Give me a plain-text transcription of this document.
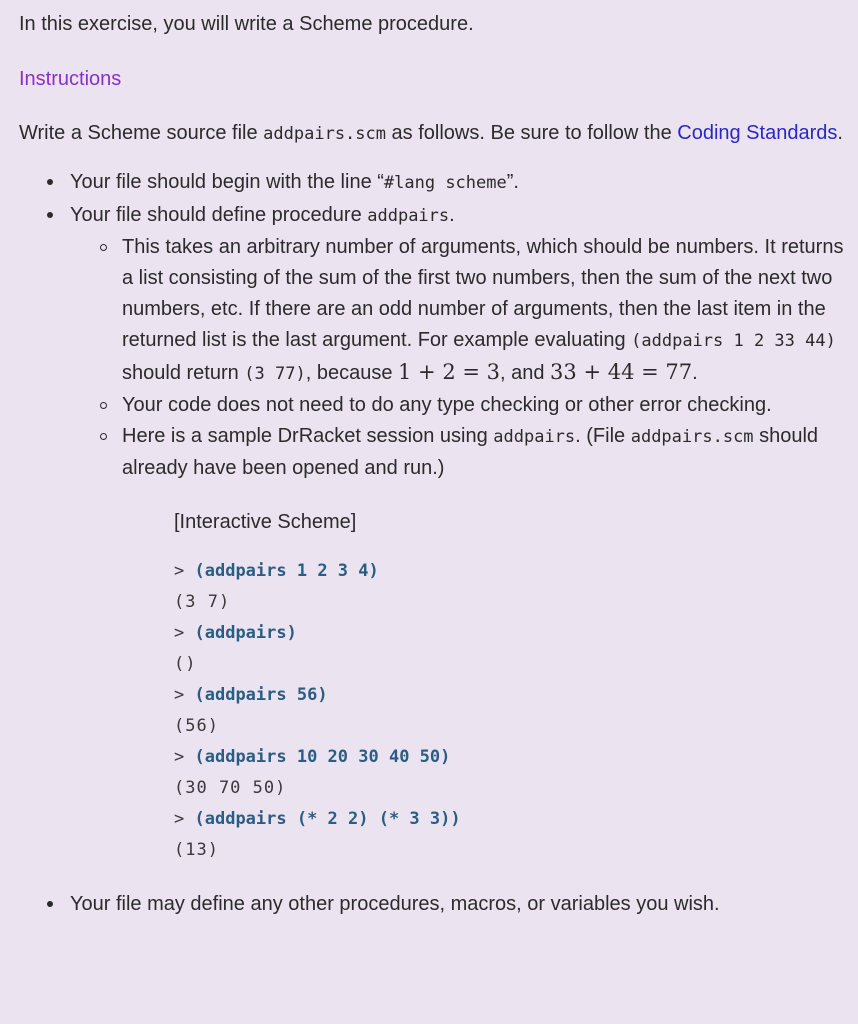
In this exercise, you will write a Scheme procedure.

Instructions

Write a Scheme source file addpairs.scm as follows. Be sure to follow the Coding Standards.

Your file should begin with the line “#lang scheme”.
Your file should define procedure addpairs.
This takes an arbitrary number of arguments, which should be numbers. It returns a list consisting of the sum of the first two numbers, then the sum of the next two numbers, etc. If there are an odd number of arguments, then the last item in the returned list is the last argument. For example evaluating (addpairs 1 2 33 44) should return (3 77), because 1 + 2 = 3, and 33 + 44 = 77.
Your code does not need to do any type checking or other error checking.
Here is a sample DrRacket session using addpairs. (File addpairs.scm should already have been opened and run.)
[Interactive Scheme]
> (addpairs 1 2 3 4)
(3 7)
> (addpairs)
()
> (addpairs 56)
(56)
> (addpairs 10 20 30 40 50)
(30 70 50)
> (addpairs (* 2 2) (* 3 3))
(13)
Your file may define any other procedures, macros, or variables you wish.
